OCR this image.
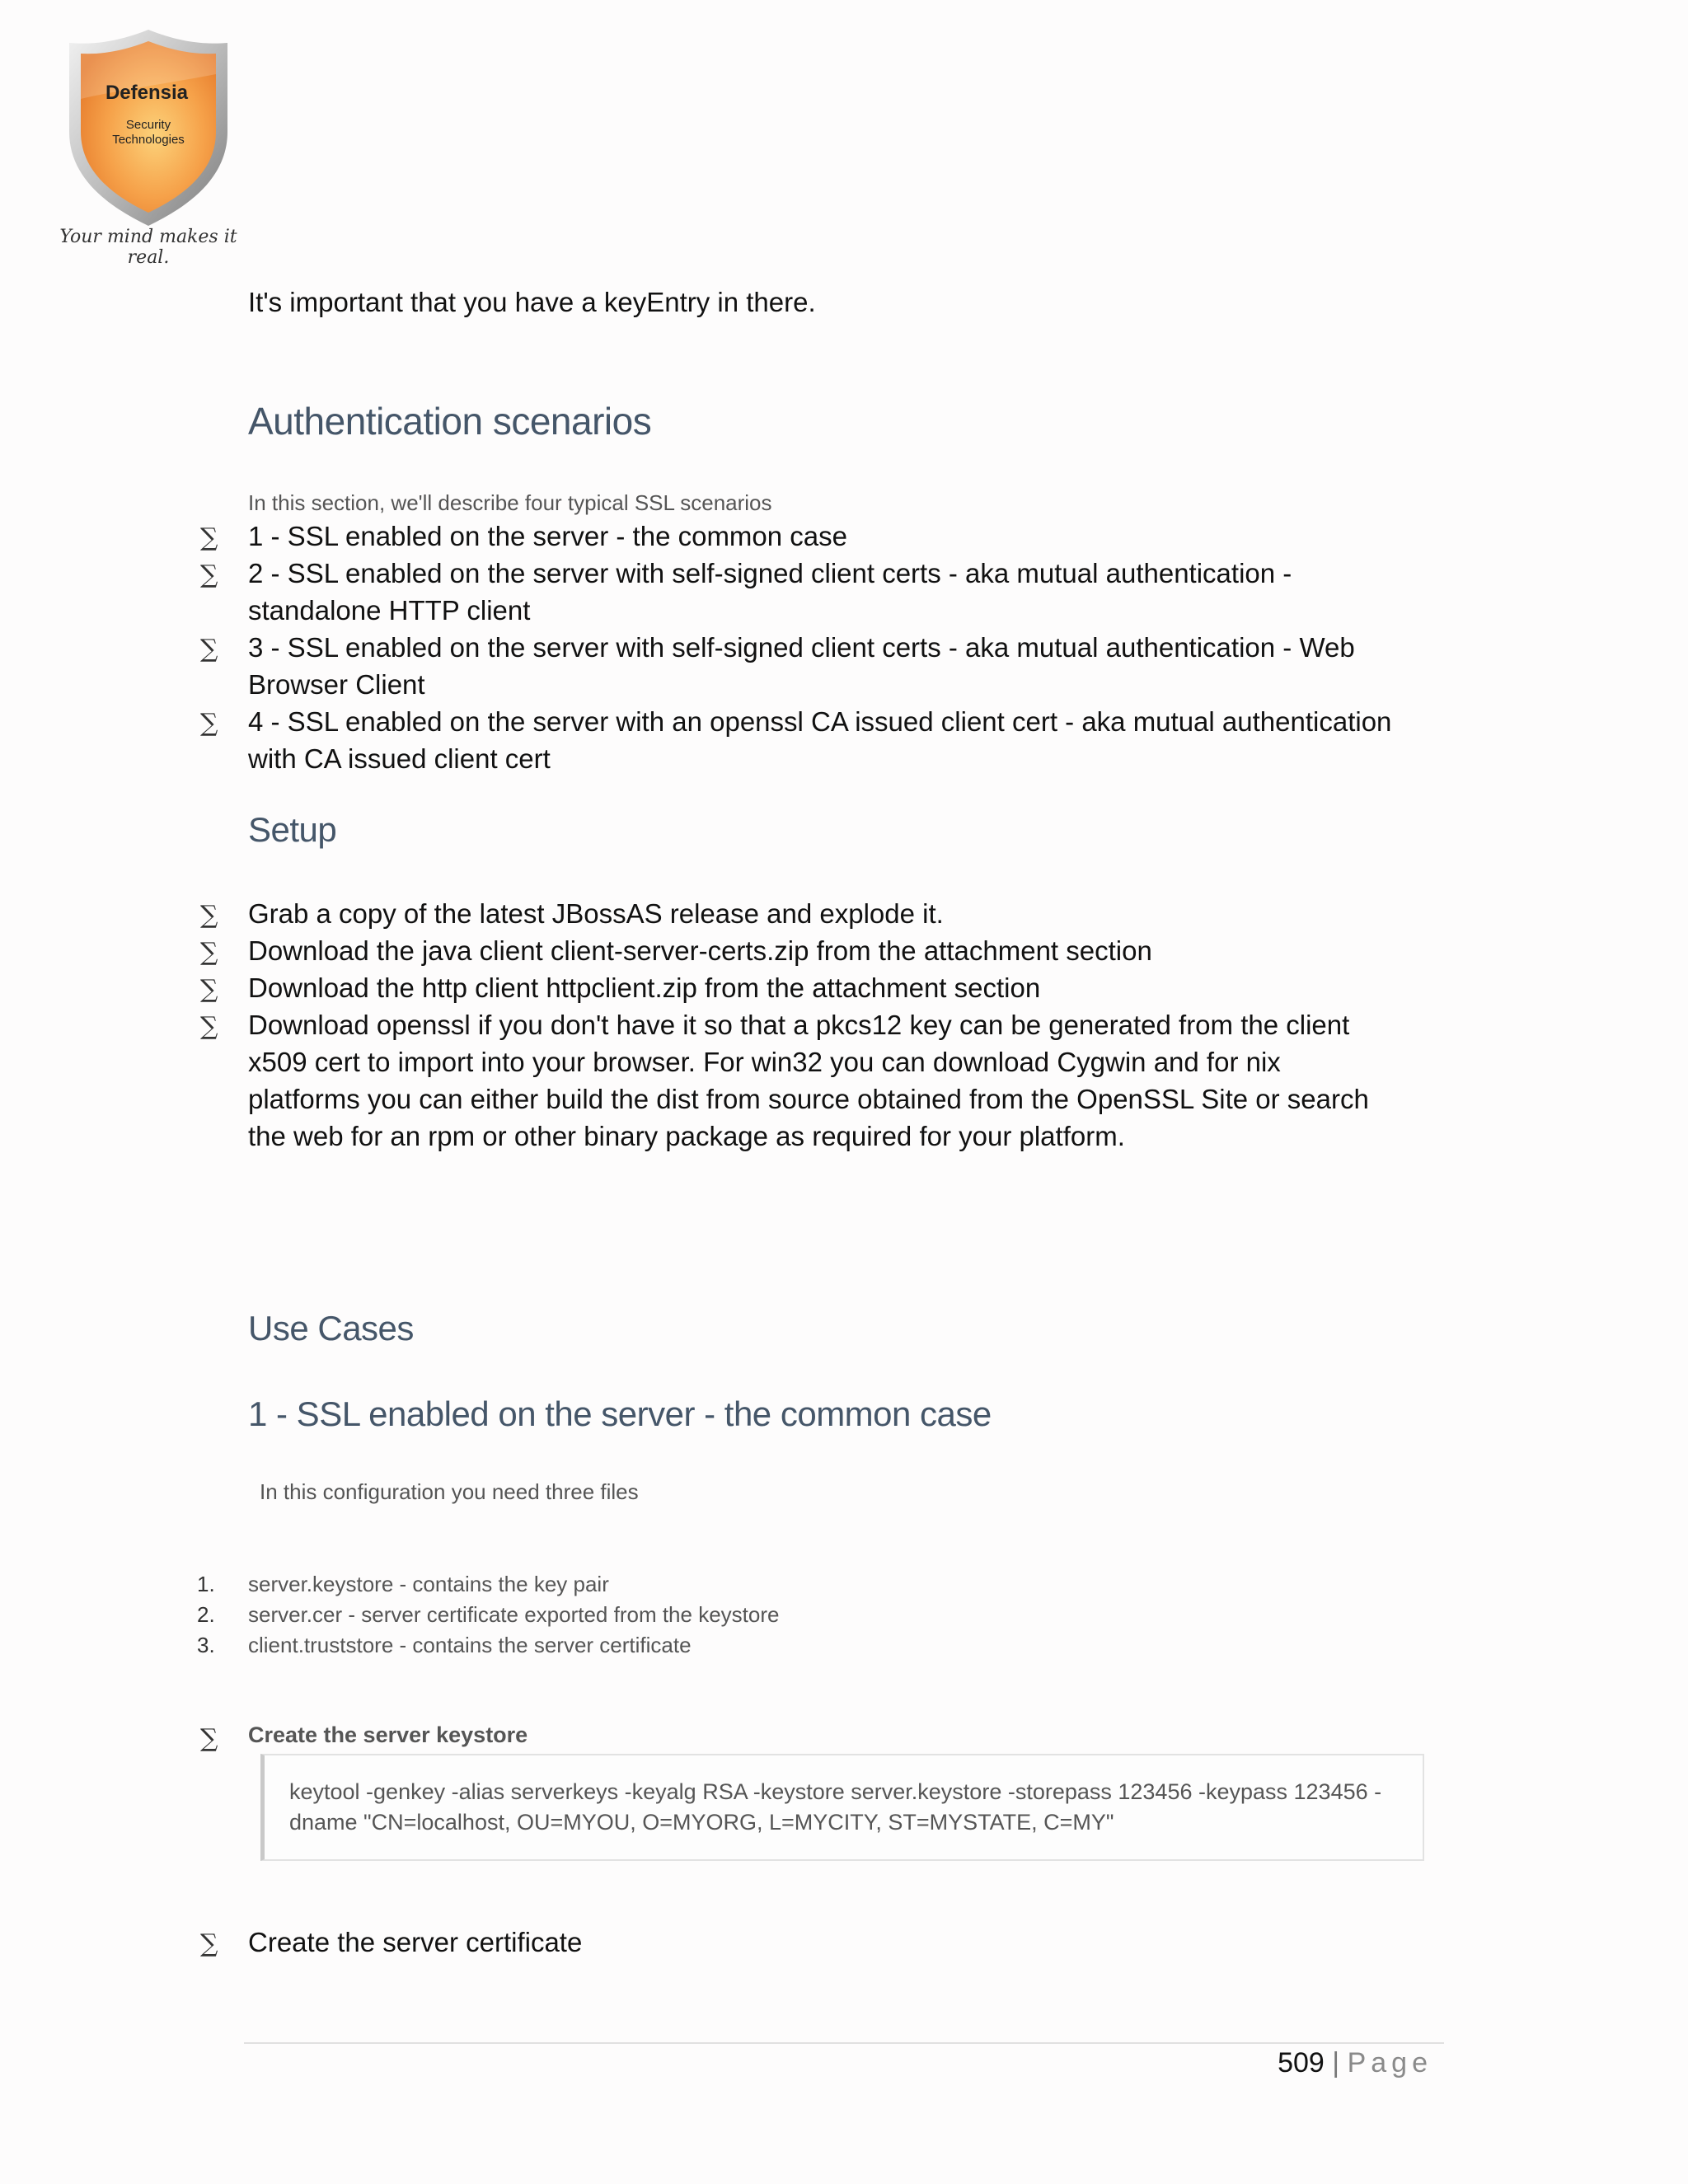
Defensia
Security
Technologies
Your mind makes it real.
It's important that you have a keyEntry in there.
Authentication scenarios
In this section, we'll describe four typical SSL scenarios
∑ 1 - SSL enabled on the server - the common case
∑ 2 - SSL enabled on the server with self-signed client certs - aka mutual authentication -
standalone HTTP client
∑ 3 - SSL enabled on the server with self-signed client certs - aka mutual authentication - Web
Browser Client
∑ 4 - SSL enabled on the server with an openssl CA issued client cert - aka mutual authentication
with CA issued client cert
Setup
∑ Grab a copy of the latest JBossAS release and explode it.
∑ Download the java client client-server-certs.zip from the attachment section
∑ Download the http client httpclient.zip from the attachment section
∑ Download openssl if you don't have it so that a pkcs12 key can be generated from the client
x509 cert to import into your browser. For win32 you can download Cygwin and for nix
platforms you can either build the dist from source obtained from the OpenSSL Site or search
the web for an rpm or other binary package as required for your platform.
Use Cases
1 - SSL enabled on the server - the common case
In this configuration you need three files
1. server.keystore - contains the key pair
2. server.cer - server certificate exported from the keystore
3. client.truststore - contains the server certificate
∑ Create the server keystore
keytool -genkey -alias serverkeys -keyalg RSA -keystore server.keystore -storepass 123456 -keypass 123456 -
dname "CN=localhost, OU=MYOU, O=MYORG, L=MYCITY, ST=MYSTATE, C=MY"
∑ Create the server certificate
509 | Page
